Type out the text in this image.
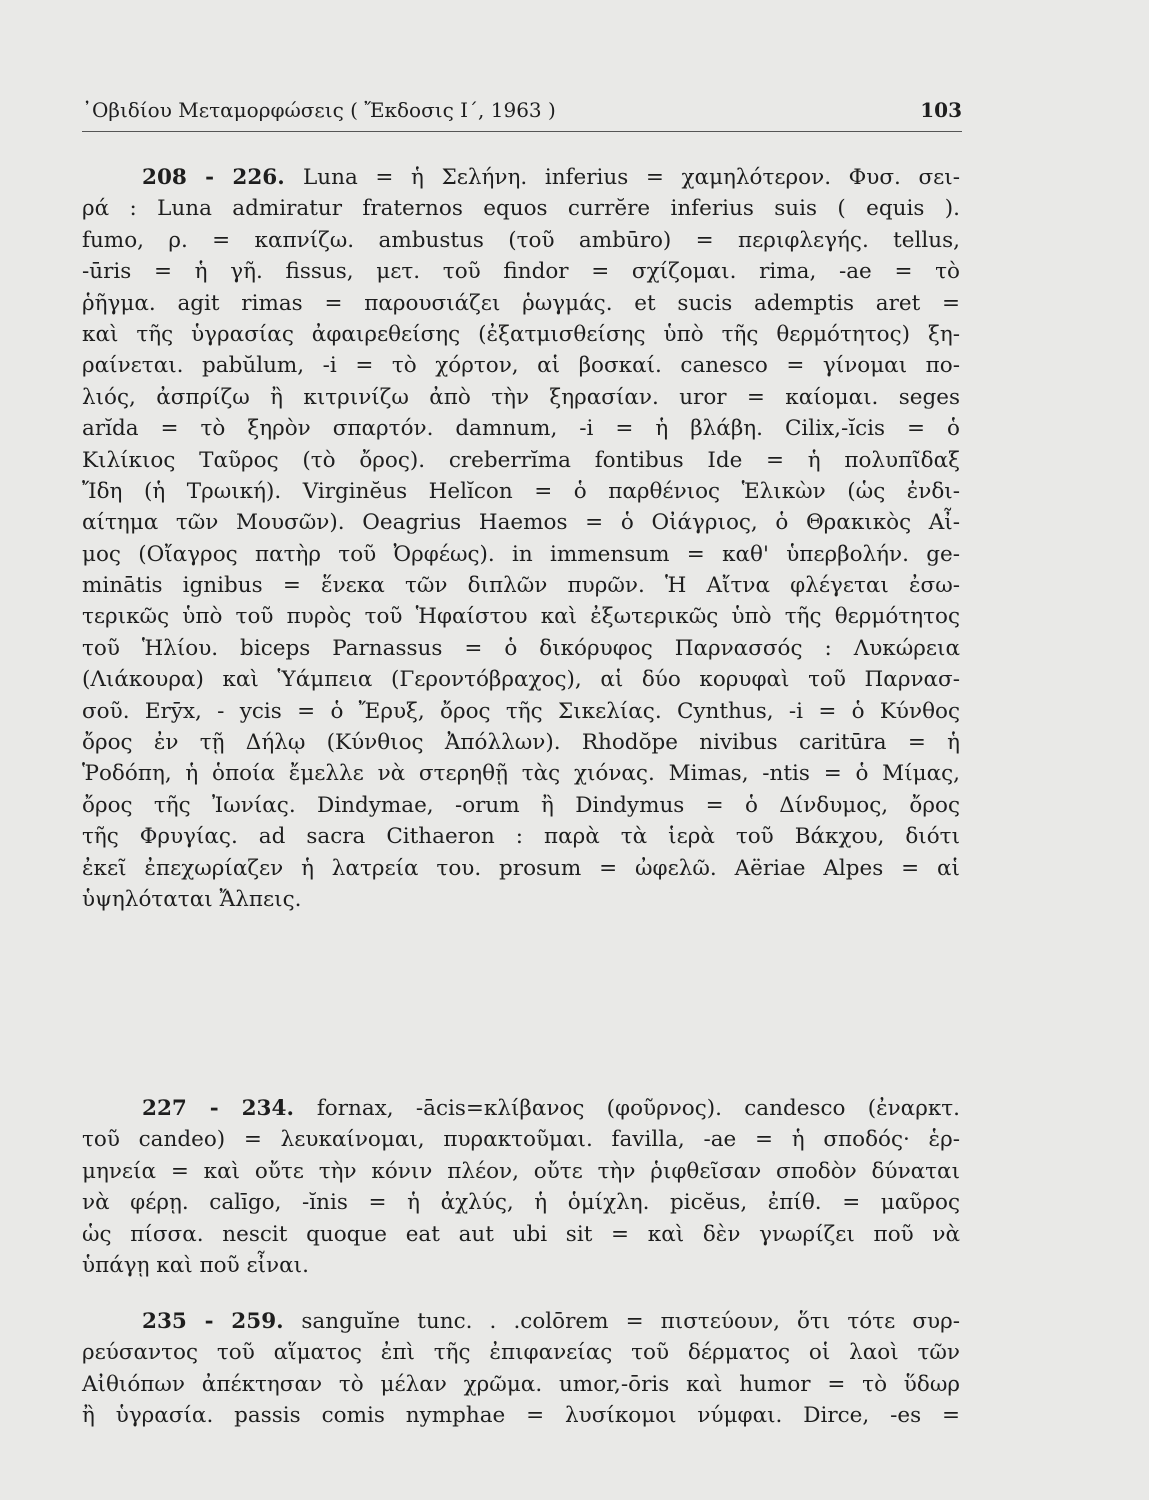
᾿Οβιδίου Μεταμορφώσεις ( Ἔκδοσις Ι΄, 1963 )	103
208 - 226. Luna = ἡ Σελήνη. inferius = χαμηλότερον. Φυσ. σει-
ρά : Luna admiratur fraternos equos currĕre inferius suis ( equis ).
fumo, ρ. = καπνίζω. ambustus (τοῦ ambūro) = περιφλεγής. tellus,
-ūris = ἡ γῆ. fissus, μετ. τοῦ findor = σχίζομαι. rima, -ae = τὸ
ῥῆγμα. agit rimas = παρουσιάζει ῥωγμάς. et sucis ademptis aret =
καὶ τῆς ὑγρασίας ἀφαιρεθείσης (ἐξατμισθείσης ὑπὸ τῆς θερμότητος) ξη-
ραίνεται. pabŭlum, -i = τὸ χόρτον, αἱ βοσκαί. canesco = γίνομαι πο-
λιός, ἀσπρίζω ἢ κιτρινίζω ἀπὸ τὴν ξηρασίαν. uror = καίομαι. seges
arĭda = τὸ ξηρὸν σπαρτόν. damnum, -i = ἡ βλάβη. Cilix,-ĭcis = ὁ
Κιλίκιος Ταῦρος (τὸ ὄρος). creberrĭma fontibus Ide = ἡ πολυπῖδαξ
Ἴδη (ἡ Τρωική). Virginĕus Helĭcon = ὁ παρθένιος Ἑλικὼν (ὡς ἐνδι-
αίτημα τῶν Μουσῶν). Oeagrius Haemos = ὁ Οἰάγριος, ὁ Θρακικὸς Αἶ-
μος (Οἴαγρος πατὴρ τοῦ Ὀρφέως). in immensum = καθ' ὑπερβολήν. ge-
minātis ignibus = ἕνεκα τῶν διπλῶν πυρῶν. Ἡ Αἴτνα φλέγεται ἐσω-
τερικῶς ὑπὸ τοῦ πυρὸς τοῦ Ἡφαίστου καὶ ἐξωτερικῶς ὑπὸ τῆς θερμότητος
τοῦ Ἡλίου. biceps Parnassus = ὁ δικόρυφος Παρνασσός : Λυκώρεια
(Λιάκουρα) καὶ Ὑάμπεια (Γεροντόβραχος), αἱ δύο κορυφαὶ τοῦ Παρνασ-
σοῦ. Erȳx, - ycis = ὁ Ἔρυξ, ὄρος τῆς Σικελίας. Cynthus, -i = ὁ Κύνθος
ὄρος ἐν τῇ Δήλῳ (Κύνθιος Ἀπόλλων). Rhodŏpe nivibus caritūra = ἡ
Ῥοδόπη, ἡ ὁποία ἔμελλε νὰ στερηθῇ τὰς χιόνας. Mimas, -ntis = ὁ Μίμας,
ὄρος τῆς Ἰωνίας. Dindymae, -orum ἢ Dindymus = ὁ Δίνδυμος, ὄρος
τῆς Φρυγίας. ad sacra Cithaeron : παρὰ τὰ ἱερὰ τοῦ Βάκχου, διότι
ἐκεῖ ἐπεχωρίαζεν ἡ λατρεία του. prosum = ὠφελῶ. Aëriae Alpes = αἱ
ὑψηλόταται Ἄλπεις.
227 - 234. fornax, -ācis=κλίβανος (φοῦρνος). candesco (ἐναρκτ.
τοῦ candeo) = λευκαίνομαι, πυρακτοῦμαι. favilla, -ae = ἡ σποδός· ἑρ-
μηνεία = καὶ οὔτε τὴν κόνιν πλέον, οὔτε τὴν ῥιφθεῖσαν σποδὸν δύναται
νὰ φέρῃ. calīgo, -ĭnis = ἡ ἀχλύς, ἡ ὁμίχλη. picĕus, ἐπίθ. = μαῦρος
ὡς πίσσα. nescit quoque eat aut ubi sit = καὶ δὲν γνωρίζει ποῦ νὰ
ὑπάγῃ καὶ ποῦ εἶναι.
235 - 259. sanguĭne tunc. . .colōrem = πιστεύουν, ὅτι τότε συρ-
ρεύσαντος τοῦ αἵματος ἐπὶ τῆς ἐπιφανείας τοῦ δέρματος οἱ λαοὶ τῶν
Αἰθιόπων ἀπέκτησαν τὸ μέλαν χρῶμα. umor,-ōris καὶ humor = τὸ ὕδωρ
ἢ ὑγρασία. passis comis nymphae = λυσίκομοι νύμφαι. Dirce, -es =
